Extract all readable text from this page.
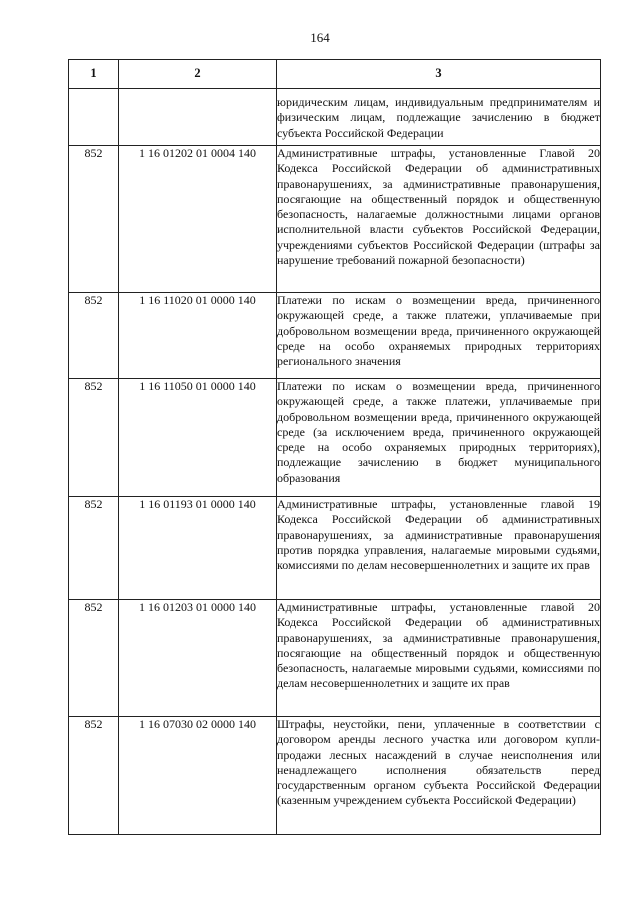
164
1	2	3
		юридическим лицам, индивидуальным предпринимателям и физическим лицам, подлежащие зачислению в бюджет субъекта Российской Федерации
852	1 16 01202 01 0004 140	Административные штрафы, установленные Главой 20 Кодекса Российской Федерации об административных правонарушениях, за административные правонарушения, посягающие на общественный порядок и общественную безопасность, налагаемые должностными лицами органов исполнительной власти субъектов Российской Федерации, учреждениями субъектов Российской Федерации (штрафы за нарушение требований пожарной безопасности)
852	1 16 11020 01 0000 140	Платежи по искам о возмещении вреда, причиненного окружающей среде, а также платежи, уплачиваемые при добровольном возмещении вреда, причиненного окружающей среде на особо охраняемых природных территориях регионального значения
852	1 16 11050 01 0000 140	Платежи по искам о возмещении вреда, причиненного окружающей среде, а также платежи, уплачиваемые при добровольном возмещении вреда, причиненного окружающей среде (за исключением вреда, причиненного окружающей среде на особо охраняемых природных территориях), подлежащие зачислению в бюджет муниципального образования
852	1 16 01193 01 0000 140	Административные штрафы, установленные главой 19 Кодекса Российской Федерации об административных правонарушениях, за административные правонарушения против порядка управления, налагаемые мировыми судьями, комиссиями по делам несовершеннолетних и защите их прав
852	1 16 01203 01 0000 140	Административные штрафы, установленные главой 20 Кодекса Российской Федерации об административных правонарушениях, за административные правонарушения, посягающие на общественный порядок и общественную безопасность, налагаемые мировыми судьями, комиссиями по делам несовершеннолетних и защите их прав
852	1 16 07030 02 0000 140	Штрафы, неустойки, пени, уплаченные в соответствии с договором аренды лесного участка или договором купли-продажи лесных насаждений в случае неисполнения или ненадлежащего исполнения обязательств перед государственным органом субъекта Российской Федерации (казенным учреждением субъекта Российской Федерации)
